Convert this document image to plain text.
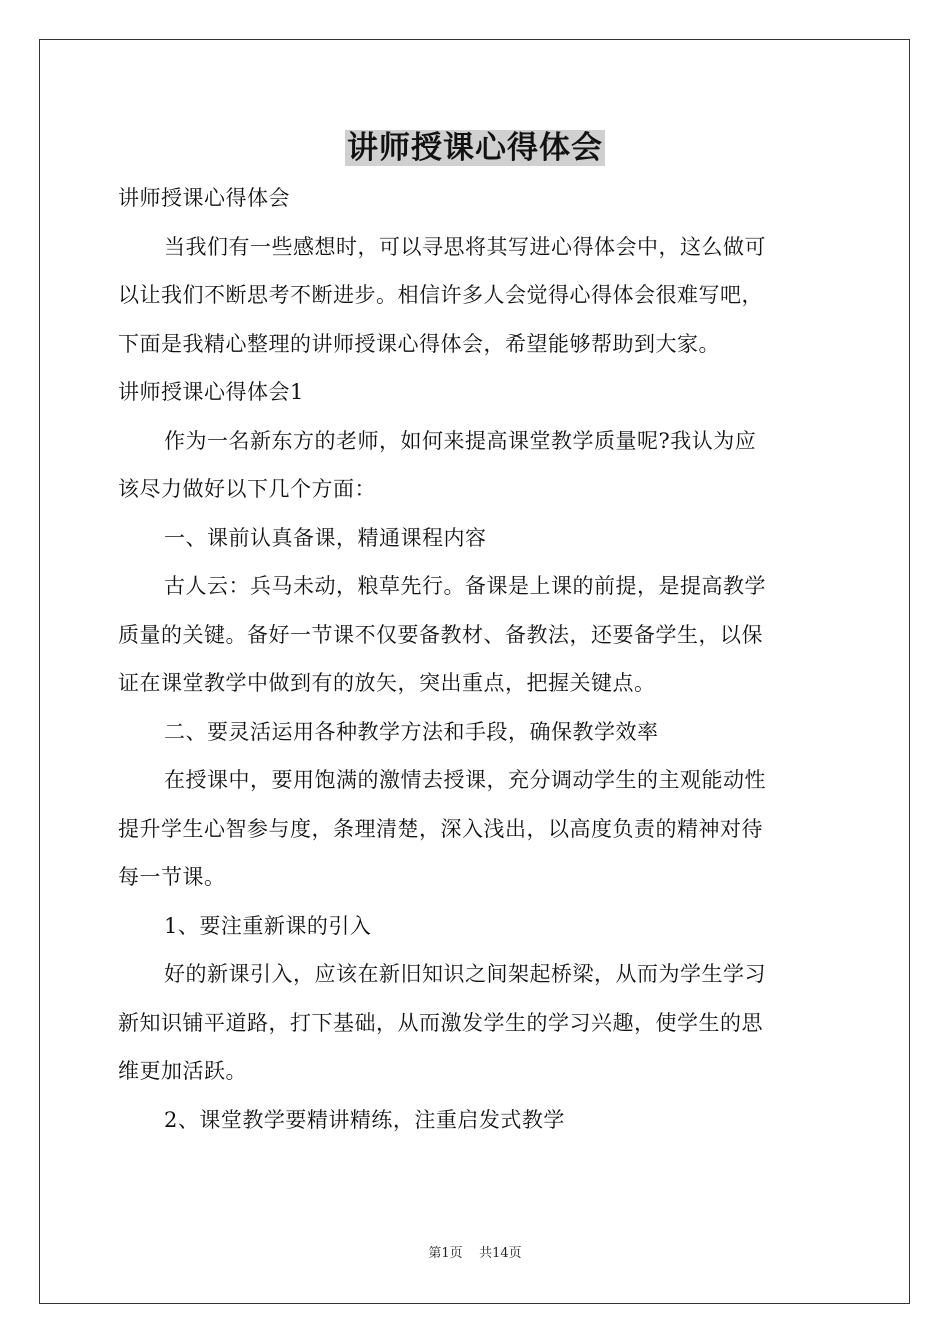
讲师授课心得体会
讲师授课心得体会
当我们有一些感想时，可以寻思将其写进心得体会中，这么做可
以让我们不断思考不断进步。相信许多人会觉得心得体会很难写吧，
下面是我精心整理的讲师授课心得体会，希望能够帮助到大家。
讲师授课心得体会1
作为一名新东方的老师，如何来提高课堂教学质量呢?我认为应
该尽力做好以下几个方面：
一、课前认真备课，精通课程内容
古人云：兵马未动，粮草先行。备课是上课的前提，是提高教学
质量的关键。备好一节课不仅要备教材、备教法，还要备学生，以保
证在课堂教学中做到有的放矢，突出重点，把握关键点。
二、要灵活运用各种教学方法和手段，确保教学效率
在授课中，要用饱满的激情去授课，充分调动学生的主观能动性
提升学生心智参与度，条理清楚，深入浅出，以高度负责的精神对待
每一节课。
1、要注重新课的引入
好的新课引入，应该在新旧知识之间架起桥梁，从而为学生学习
新知识铺平道路，打下基础，从而激发学生的学习兴趣，使学生的思
维更加活跃。
2、课堂教学要精讲精练，注重启发式教学
第1页 共14页
